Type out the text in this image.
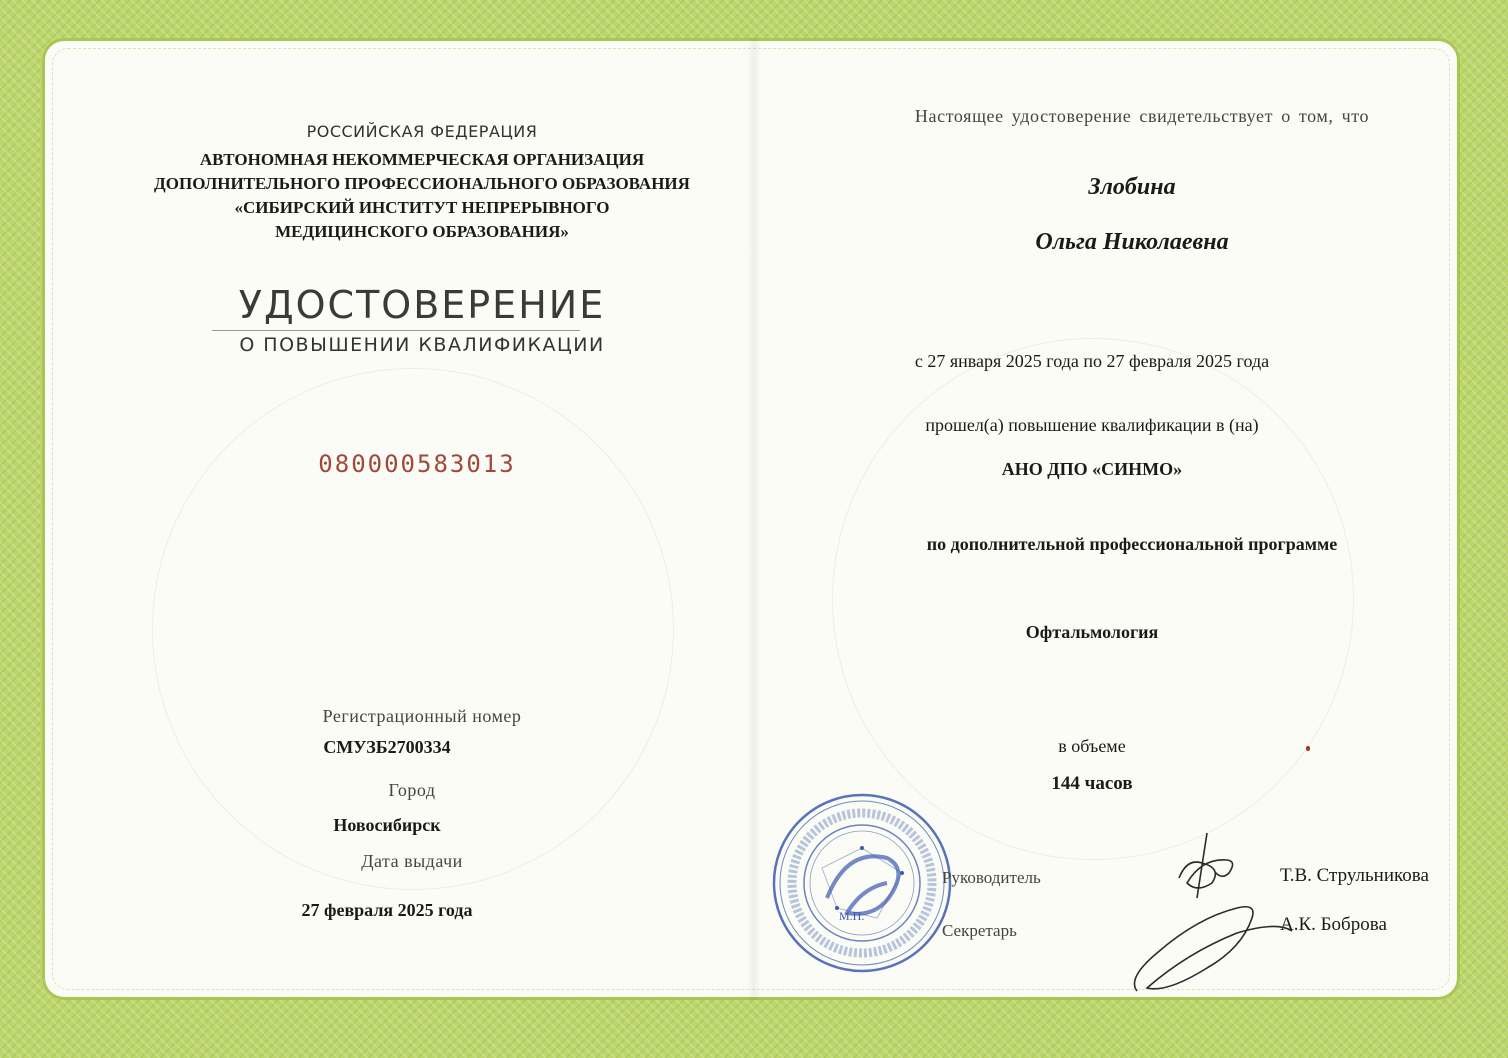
РОССИЙСКАЯ ФЕДЕРАЦИЯ
АВТОНОМНАЯ НЕКОММЕРЧЕСКАЯ ОРГАНИЗАЦИЯ
ДОПОЛНИТЕЛЬНОГО ПРОФЕССИОНАЛЬНОГО ОБРАЗОВАНИЯ
«СИБИРСКИЙ ИНСТИТУТ НЕПРЕРЫВНОГО
МЕДИЦИНСКОГО ОБРАЗОВАНИЯ»
УДОСТОВЕРЕНИЕ
О ПОВЫШЕНИИ КВАЛИФИКАЦИИ
080000583013
Регистрационный номер
СМУЗБ2700334
Город
Новосибирск
Дата выдачи
27 февраля 2025 года
Настоящее удостоверение свидетельствует о том, что
Злобина
Ольга Николаевна
с 27 января 2025 года по 27 февраля 2025 года
прошел(а) повышение квалификации в (на)
АНО ДПО «СИНМО»
по дополнительной профессиональной программе
Офтальмология
в объеме
144 часов
М.П.
Руководитель
Секретарь
Т.В. Струльникова
А.К. Боброва
